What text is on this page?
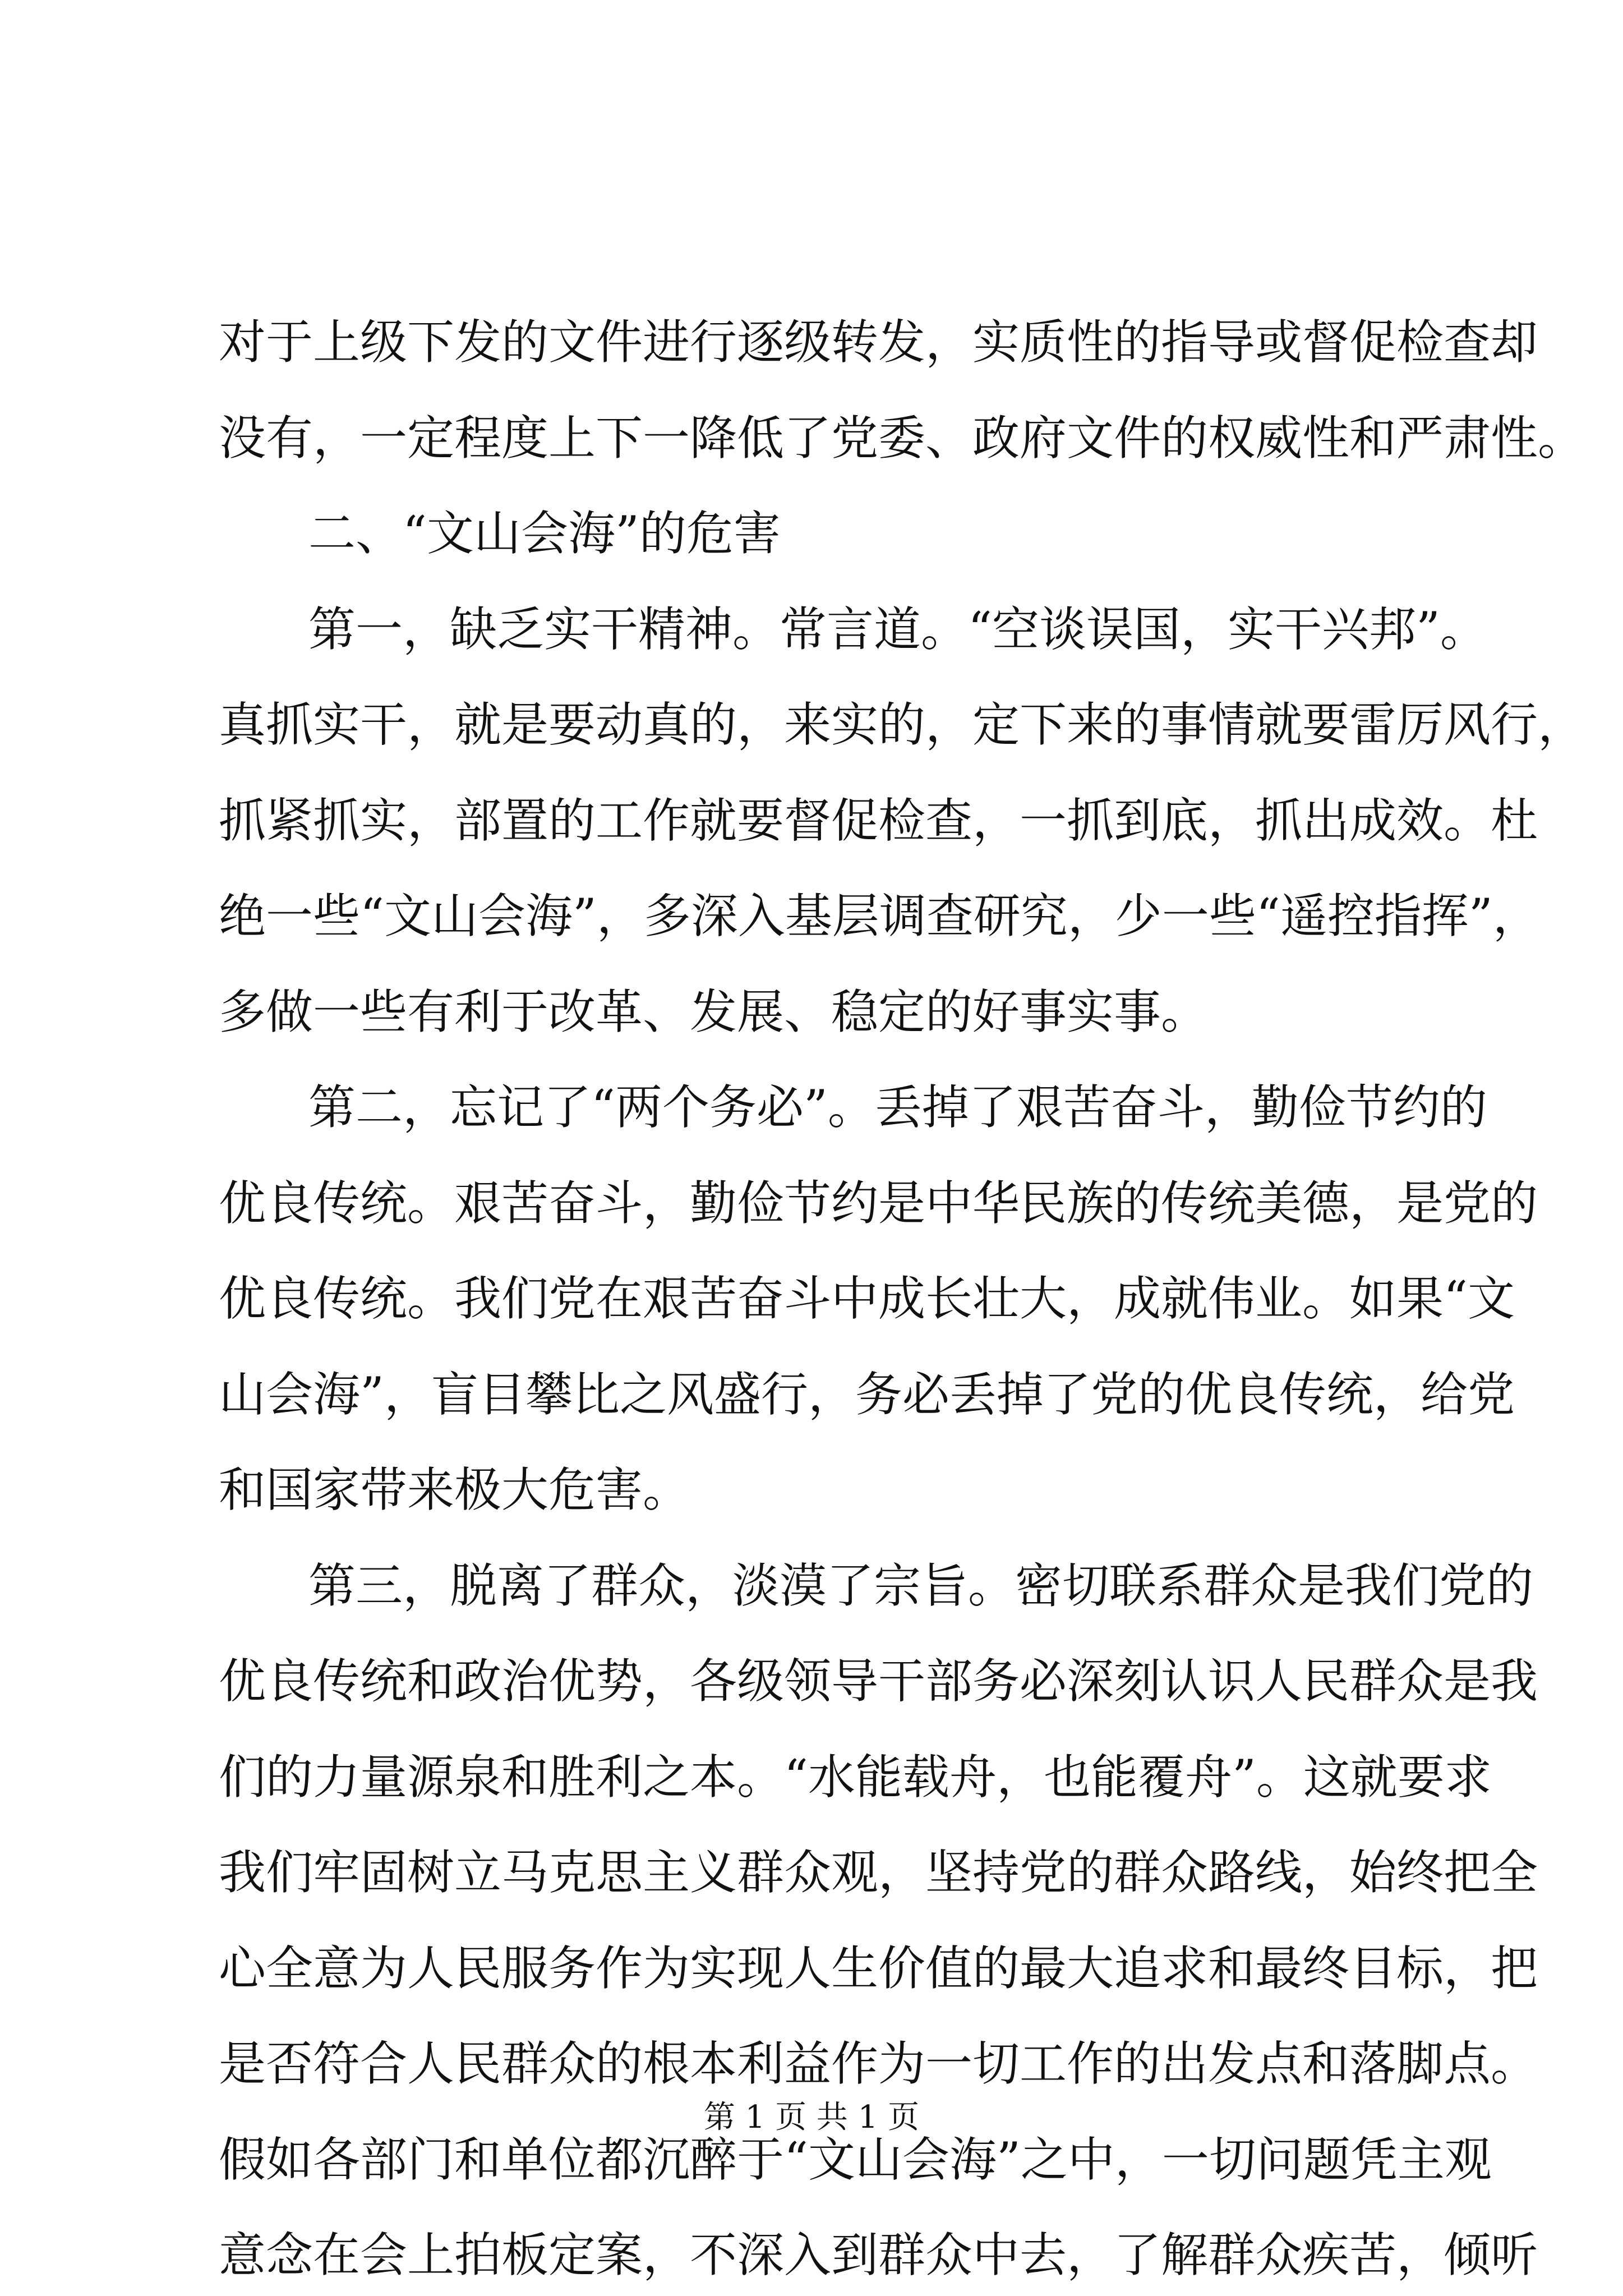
对于上级下发的文件进行逐级转发，实质性的指导或督促检查却
没有，一定程度上下一降低了党委、政府文件的权威性和严肃性。
二、“文山会海”的危害
第一，缺乏实干精神。常言道。“空谈误国，实干兴邦”。
真抓实干，就是要动真的，来实的，定下来的事情就要雷厉风行，
抓紧抓实，部置的工作就要督促检查，一抓到底，抓出成效。杜
绝一些“文山会海”，多深入基层调查研究，少一些“遥控指挥”，
多做一些有利于改革、发展、稳定的好事实事。
第二，忘记了“两个务必”。丢掉了艰苦奋斗，勤俭节约的
优良传统。艰苦奋斗，勤俭节约是中华民族的传统美德，是党的
优良传统。我们党在艰苦奋斗中成长壮大，成就伟业。如果“文
山会海”，盲目攀比之风盛行，务必丢掉了党的优良传统，给党
和国家带来极大危害。
第三，脱离了群众，淡漠了宗旨。密切联系群众是我们党的
优良传统和政治优势，各级领导干部务必深刻认识人民群众是我
们的力量源泉和胜利之本。“水能载舟，也能覆舟”。这就要求
我们牢固树立马克思主义群众观，坚持党的群众路线，始终把全
心全意为人民服务作为实现人生价值的最大追求和最终目标，把
是否符合人民群众的根本利益作为一切工作的出发点和落脚点。
假如各部门和单位都沉醉于“文山会海”之中，一切问题凭主观
意念在会上拍板定案，不深入到群众中去，了解群众疾苦，倾听
第 1 页 共 1 页
